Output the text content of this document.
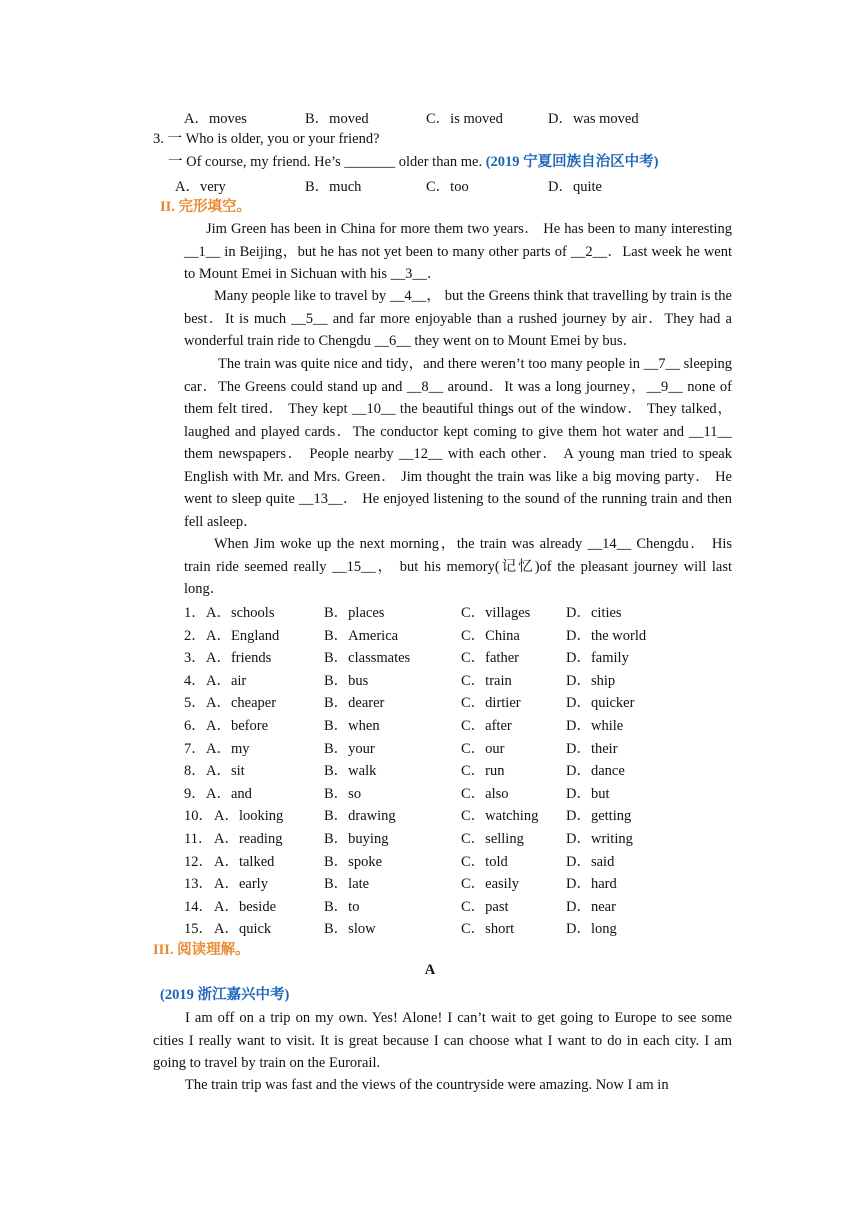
A．moves	B．moved	C．is moved	D．was moved
3. 一 Who is older, you or your friend?
一 Of course, my friend. He’s _______ older than me. (2019 宁夏回族自治区中考)
A．very	B．much	C．too	D．quite
II. 完形填空。
Jim Green has been in China for more them two years． He has been to many interesting __1__ in Beijing，but he has not yet been to many other parts of __2__．Last week he went to Mount Emei in Sichuan with his __3__．
Many people like to travel by __4__， but the Greens think that travelling by train is the best．It is much __5__ and far more enjoyable than a rushed journey by air．They had a wonderful train ride to Chengdu __6__ they went on to Mount Emei by bus．
The train was quite nice and tidy，and there weren’t too many people in __7__ sleeping car．The Greens could stand up and __8__ around．It was a long journey，__9__ none of them felt tired． They kept __10__ the beautiful things out of the window． They talked，laughed and played cards．The conductor kept coming to give them hot water and __11__ them newspapers． People nearby __12__ with each other． A young man tried to speak English with Mr. and Mrs. Green． Jim thought the train was like a big moving party． He went to sleep quite __13__． He enjoyed listening to the sound of the running train and then fell asleep．
When Jim woke up the next morning，the train was already __14__ Chengdu． His train ride seemed really __15__， but his memory(记忆)of the pleasant journey will last long．
1． A．schools	B．places	C．villages D．cities
2． A．England	B．America	C．China	D．the world
3． A．friends	B．classmates	C．father	D．family
4． A．air	B．bus	C．train	D．ship
5． A．cheaper	B．dearer	C．dirtier	D．quicker
6． A．before	B．when	C．after	D．while
7． A．my	B．your	C．our	D．their
8． A．sit	B．walk	C．run	D．dance
9． A．and	B．so	C．also	D．but
10． A．looking	B．drawing	C．watching D．getting
11． A．reading	B．buying	C．selling	D．writing
12． A．talked	B．spoke	C．told	D．said
13． A．early	B．late	C．easily	D．hard
14． A．beside	B．to	C．past	D．near
15． A．quick	B．slow	C．short	D．long
III. 阅读理解。
A
(2019 浙江嘉兴中考)
I am off on a trip on my own. Yes! Alone! I can’t wait to get going to Europe to see some cities I really want to visit. It is great because I can choose what I want to do in each city. I am going to travel by train on the Eurorail.
The train trip was fast and the views of the countryside were amazing. Now I am in
